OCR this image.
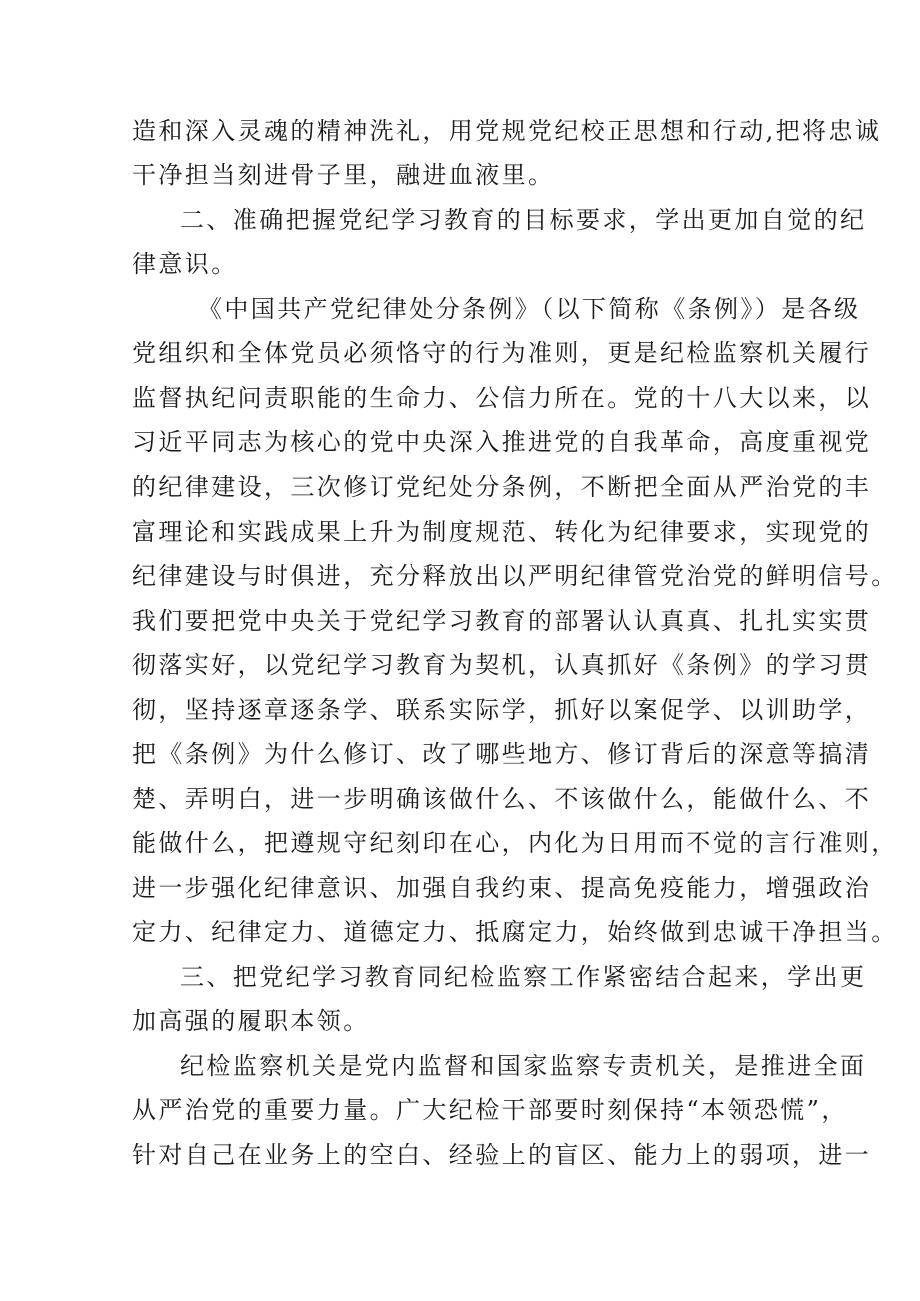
造和深入灵魂的精神洗礼，用党规党纪校正思想和行动,把将忠诚
干净担当刻进骨子里，融进血液里。
二、准确把握党纪学习教育的目标要求，学出更加自觉的纪
律意识。
《中国共产党纪律处分条例》（以下简称《条例》）是各级
党组织和全体党员必须恪守的行为准则，更是纪检监察机关履行
监督执纪问责职能的生命力、公信力所在。党的十八大以来，以
习近平同志为核心的党中央深入推进党的自我革命，高度重视党
的纪律建设，三次修订党纪处分条例，不断把全面从严治党的丰
富理论和实践成果上升为制度规范、转化为纪律要求，实现党的
纪律建设与时俱进，充分释放出以严明纪律管党治党的鲜明信号。
我们要把党中央关于党纪学习教育的部署认认真真、扎扎实实贯
彻落实好，以党纪学习教育为契机，认真抓好《条例》的学习贯
彻，坚持逐章逐条学、联系实际学，抓好以案促学、以训助学，
把《条例》为什么修订、改了哪些地方、修订背后的深意等搞清
楚、弄明白，进一步明确该做什么、不该做什么，能做什么、不
能做什么，把遵规守纪刻印在心，内化为日用而不觉的言行准则，
进一步强化纪律意识、加强自我约束、提高免疫能力，增强政治
定力、纪律定力、道德定力、抵腐定力，始终做到忠诚干净担当。
三、把党纪学习教育同纪检监察工作紧密结合起来，学出更
加高强的履职本领。
纪检监察机关是党内监督和国家监察专责机关，是推进全面
从严治党的重要力量。广大纪检干部要时刻保持“本领恐慌”，
针对自己在业务上的空白、经验上的盲区、能力上的弱项，进一
